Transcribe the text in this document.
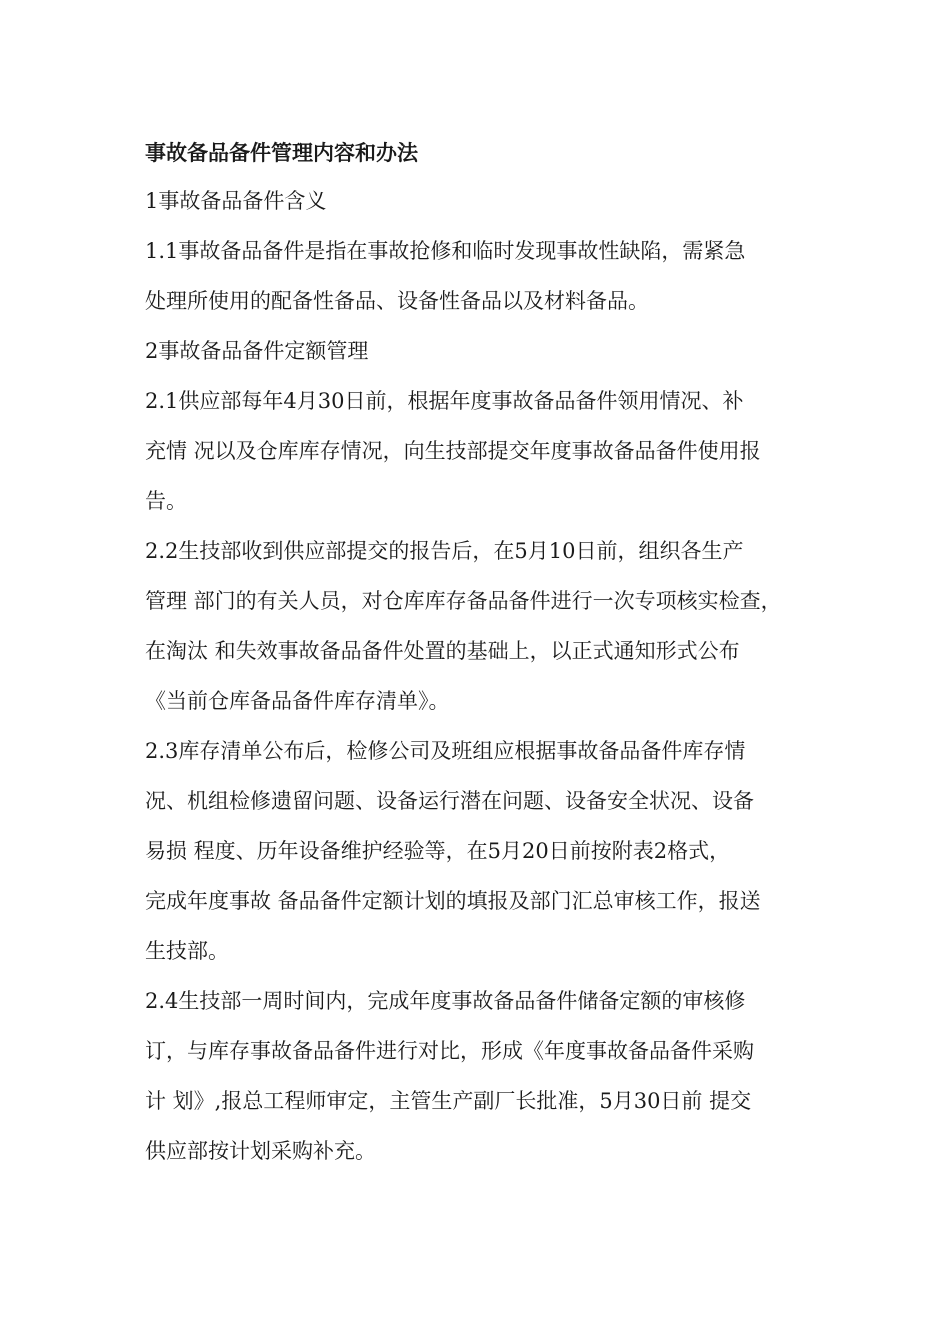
事故备品备件管理内容和办法
1事故备品备件含义
1.1事故备品备件是指在事故抢修和临时发现事故性缺陷，需紧急
处理所使用的配备性备品、设备性备品以及材料备品。
2事故备品备件定额管理
2.1供应部每年4月30日前，根据年度事故备品备件领用情况、补
充情 况以及仓库库存情况，向生技部提交年度事故备品备件使用报
告。
2.2生技部收到供应部提交的报告后，在5月10日前，组织各生产
管理 部门的有关人员，对仓库库存备品备件进行一次专项核实检查，
在淘汰 和失效事故备品备件处置的基础上，以正式通知形式公布
《当前仓库备品备件库存清单》。
2.3库存清单公布后，检修公司及班组应根据事故备品备件库存情
况、机组检修遗留问题、设备运行潜在问题、设备安全状况、设备
易损 程度、历年设备维护经验等，在5月20日前按附表2格式，
完成年度事故 备品备件定额计划的填报及部门汇总审核工作，报送
生技部。
2.4生技部一周时间内，完成年度事故备品备件储备定额的审核修
订，与库存事故备品备件进行对比，形成《年度事故备品备件采购
计 划》,报总工程师审定，主管生产副厂长批准，5月30日前 提交
供应部按计划采购补充。
